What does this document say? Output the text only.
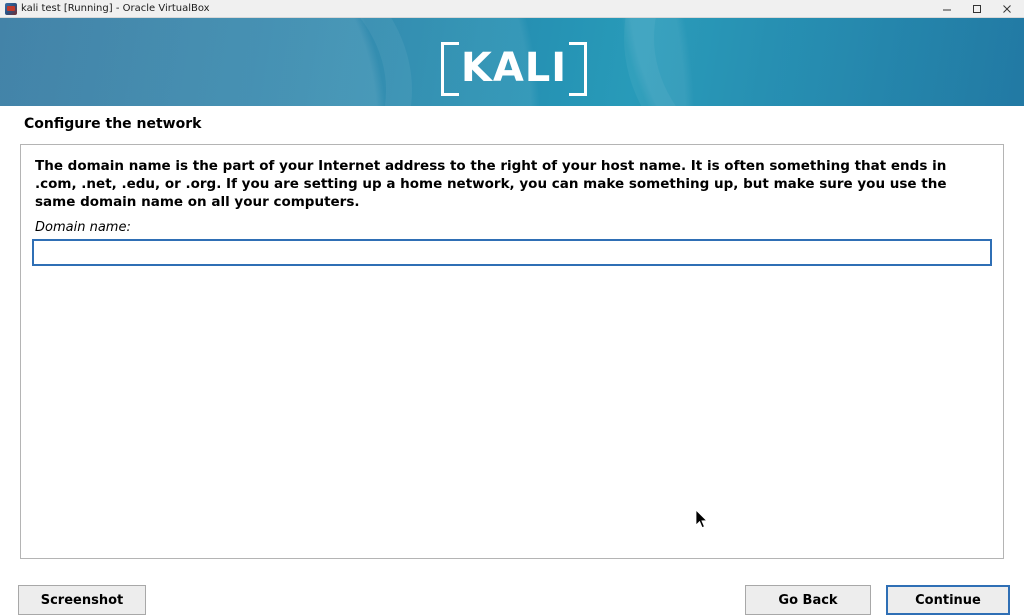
kali test [Running] - Oracle VirtualBox
KALI
Configure the network
The domain name is the part of your Internet address to the right of your host name. It is often something that ends in .com, .net, .edu, or .org. If you are setting up a home network, you can make something up, but make sure you use the same domain name on all your computers.
Domain name:
Screenshot	Go Back	Continue
